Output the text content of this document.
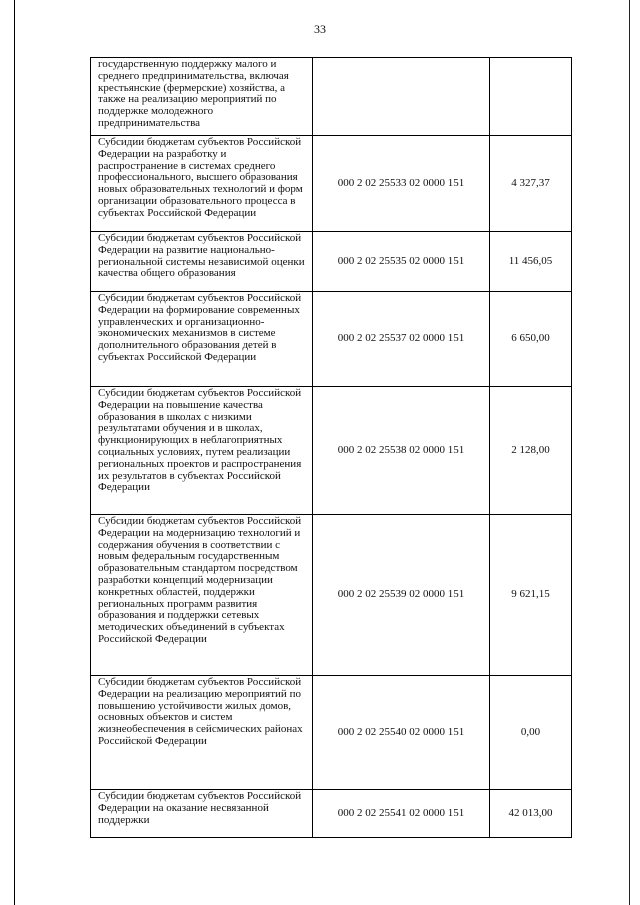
33
государственную поддержку малого и среднего предпринимательства, включая крестьянские (фермерские) хозяйства, а также на реализацию мероприятий по поддержке молодежного предпринимательства		
Субсидии бюджетам субъектов Российской Федерации на разработку и распространение в системах среднего профессионального, высшего образования новых образовательных технологий и форм организации образовательного процесса в субъектах Российской Федерации	000 2 02 25533 02 0000 151	4 327,37
Субсидии бюджетам субъектов Российской Федерации на развитие национально-региональной системы независимой оценки качества общего образования	000 2 02 25535 02 0000 151	11 456,05
Субсидии бюджетам субъектов Российской Федерации на формирование современных управленческих и организационно-экономических механизмов в системе дополнительного образования детей в субъектах Российской Федерации	000 2 02 25537 02 0000 151	6 650,00
Субсидии бюджетам субъектов Российской Федерации на повышение качества образования в школах с низкими результатами обучения и в школах, функционирующих в неблагоприятных социальных условиях, путем реализации региональных проектов и распространения их результатов в субъектах Российской Федерации	000 2 02 25538 02 0000 151	2 128,00
Субсидии бюджетам субъектов Российской Федерации на модернизацию технологий и содержания обучения в соответствии с новым федеральным государственным образовательным стандартом посредством разработки концепций модернизации конкретных областей, поддержки региональных программ развития образования и поддержки сетевых методических объединений в субъектах Российской Федерации	000 2 02 25539 02 0000 151	9 621,15
Субсидии бюджетам субъектов Российской Федерации на реализацию мероприятий по повышению устойчивости жилых домов, основных объектов и систем жизнеобеспечения в сейсмических районах Российской Федерации	000 2 02 25540 02 0000 151	0,00
Субсидии бюджетам субъектов Российской Федерации на оказание несвязанной поддержки	000 2 02 25541 02 0000 151	42 013,00
